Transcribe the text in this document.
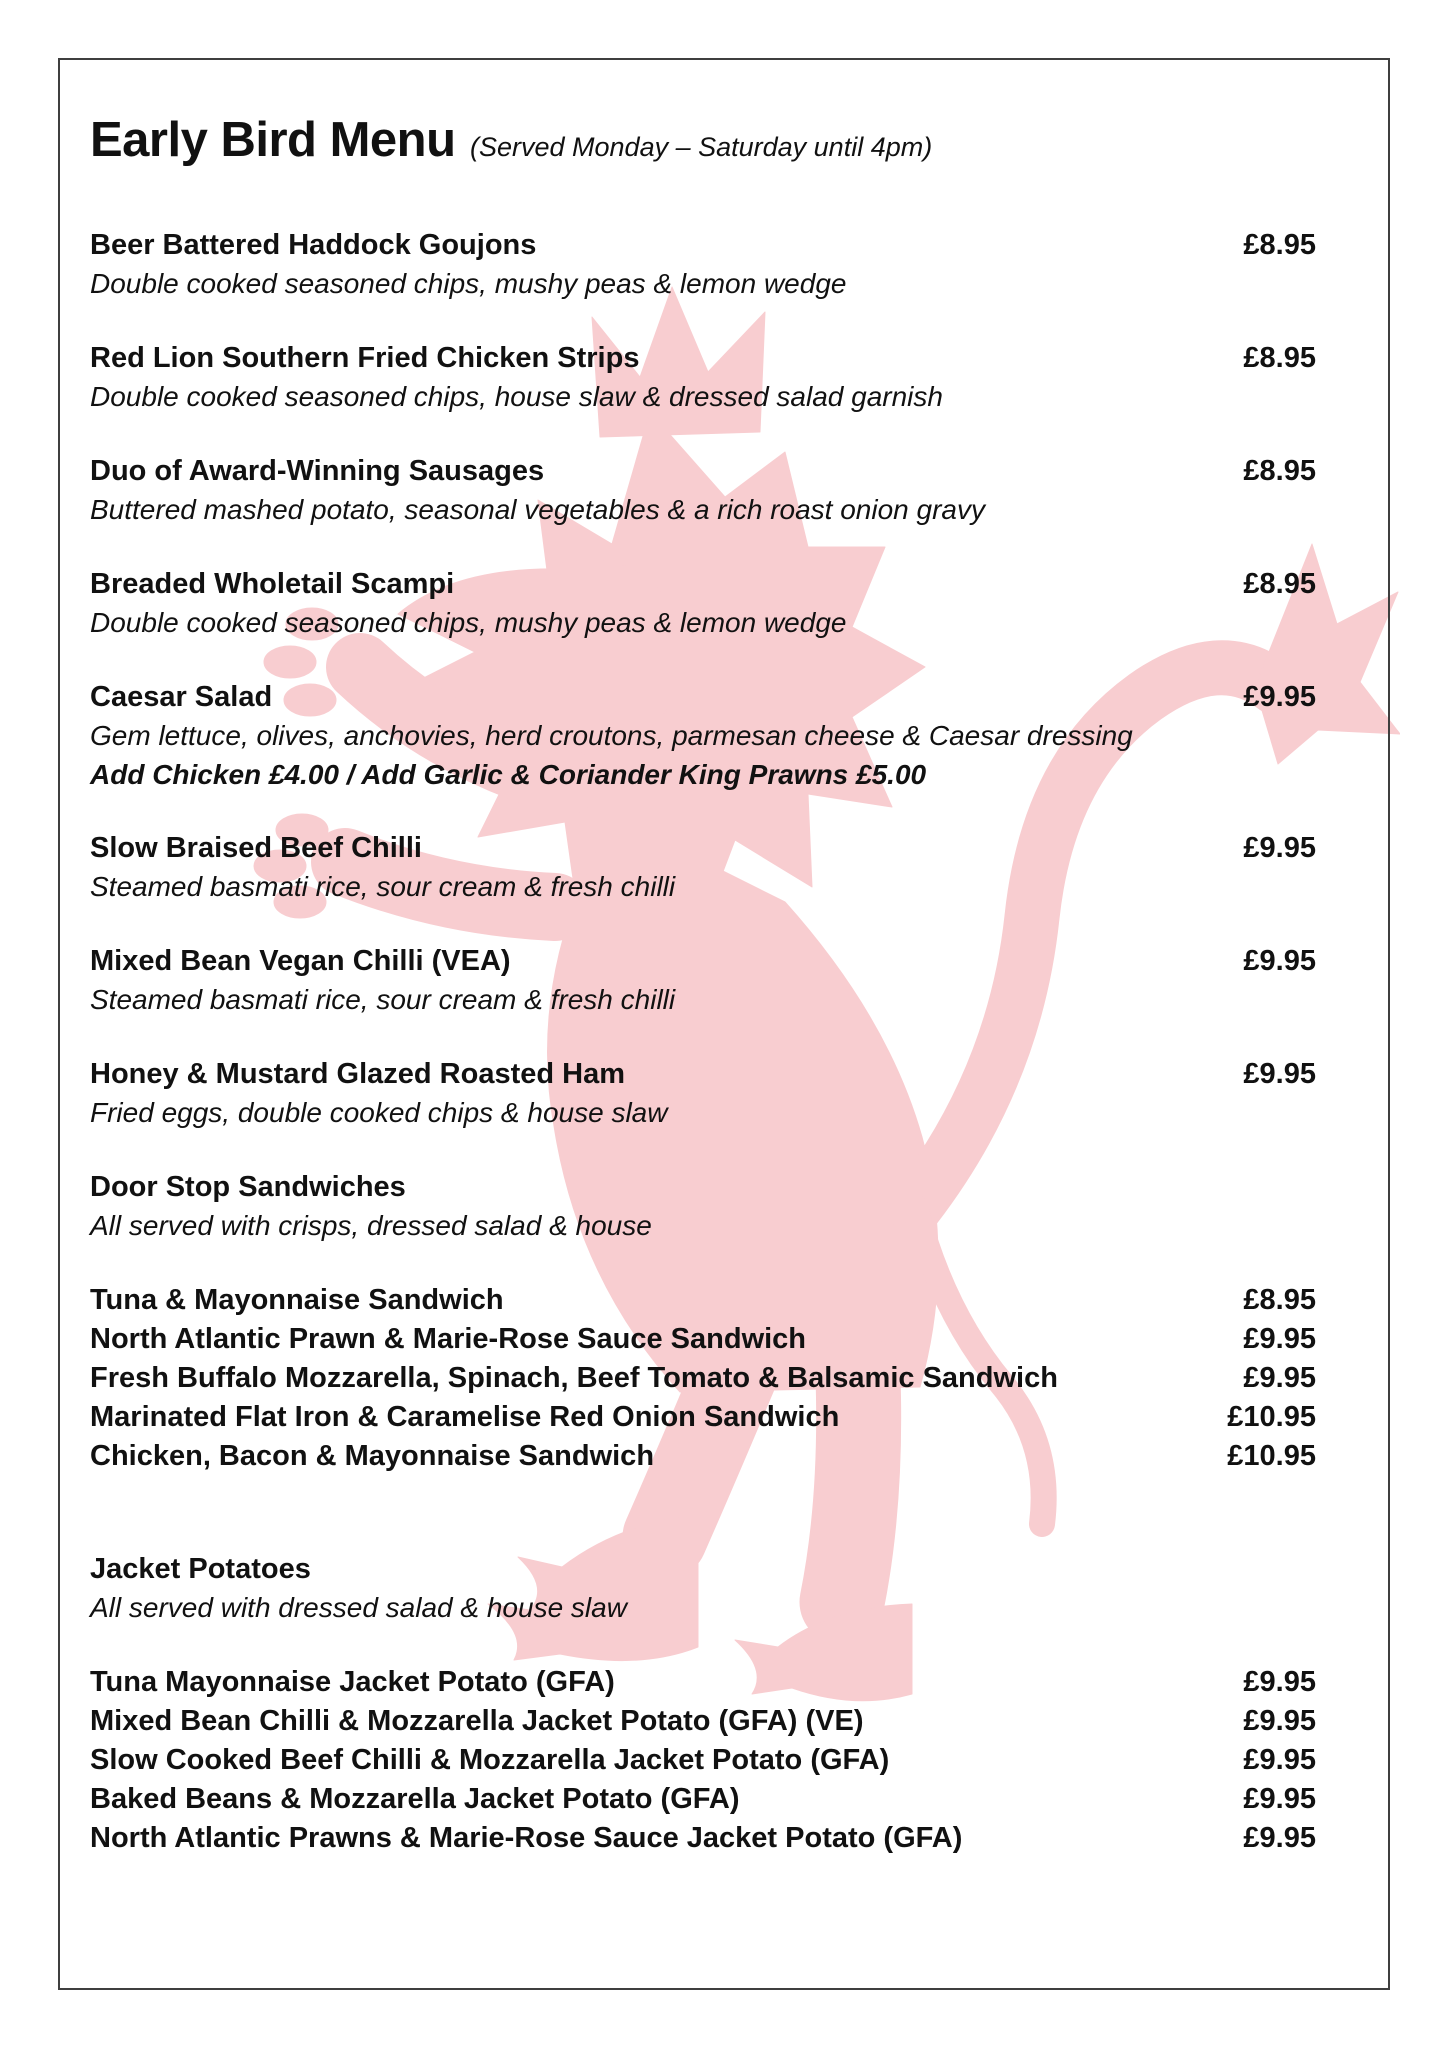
Early Bird Menu (Served Monday – Saturday until 4pm)
Beer Battered Haddock Goujons	£8.95
Double cooked seasoned chips, mushy peas & lemon wedge
Red Lion Southern Fried Chicken Strips	£8.95
Double cooked seasoned chips, house slaw & dressed salad garnish
Duo of Award-Winning Sausages	£8.95
Buttered mashed potato, seasonal vegetables & a rich roast onion gravy
Breaded Wholetail Scampi	£8.95
Double cooked seasoned chips, mushy peas & lemon wedge
Caesar Salad	£9.95
Gem lettuce, olives, anchovies, herd croutons, parmesan cheese & Caesar dressing
Add Chicken £4.00 / Add Garlic & Coriander King Prawns £5.00
Slow Braised Beef Chilli	£9.95
Steamed basmati rice, sour cream & fresh chilli
Mixed Bean Vegan Chilli (VEA)	£9.95
Steamed basmati rice, sour cream & fresh chilli
Honey & Mustard Glazed Roasted Ham	£9.95
Fried eggs, double cooked chips & house slaw
Door Stop Sandwiches
All served with crisps, dressed salad & house
Tuna & Mayonnaise Sandwich	£8.95
North Atlantic Prawn & Marie-Rose Sauce Sandwich	£9.95
Fresh Buffalo Mozzarella, Spinach, Beef Tomato & Balsamic Sandwich	£9.95
Marinated Flat Iron & Caramelise Red Onion Sandwich	£10.95
Chicken, Bacon & Mayonnaise Sandwich	£10.95
Jacket Potatoes
All served with dressed salad & house slaw
Tuna Mayonnaise Jacket Potato (GFA)	£9.95
Mixed Bean Chilli & Mozzarella Jacket Potato (GFA) (VE)	£9.95
Slow Cooked Beef Chilli & Mozzarella Jacket Potato (GFA)	£9.95
Baked Beans & Mozzarella Jacket Potato (GFA)	£9.95
North Atlantic Prawns & Marie-Rose Sauce Jacket Potato (GFA)	£9.95
